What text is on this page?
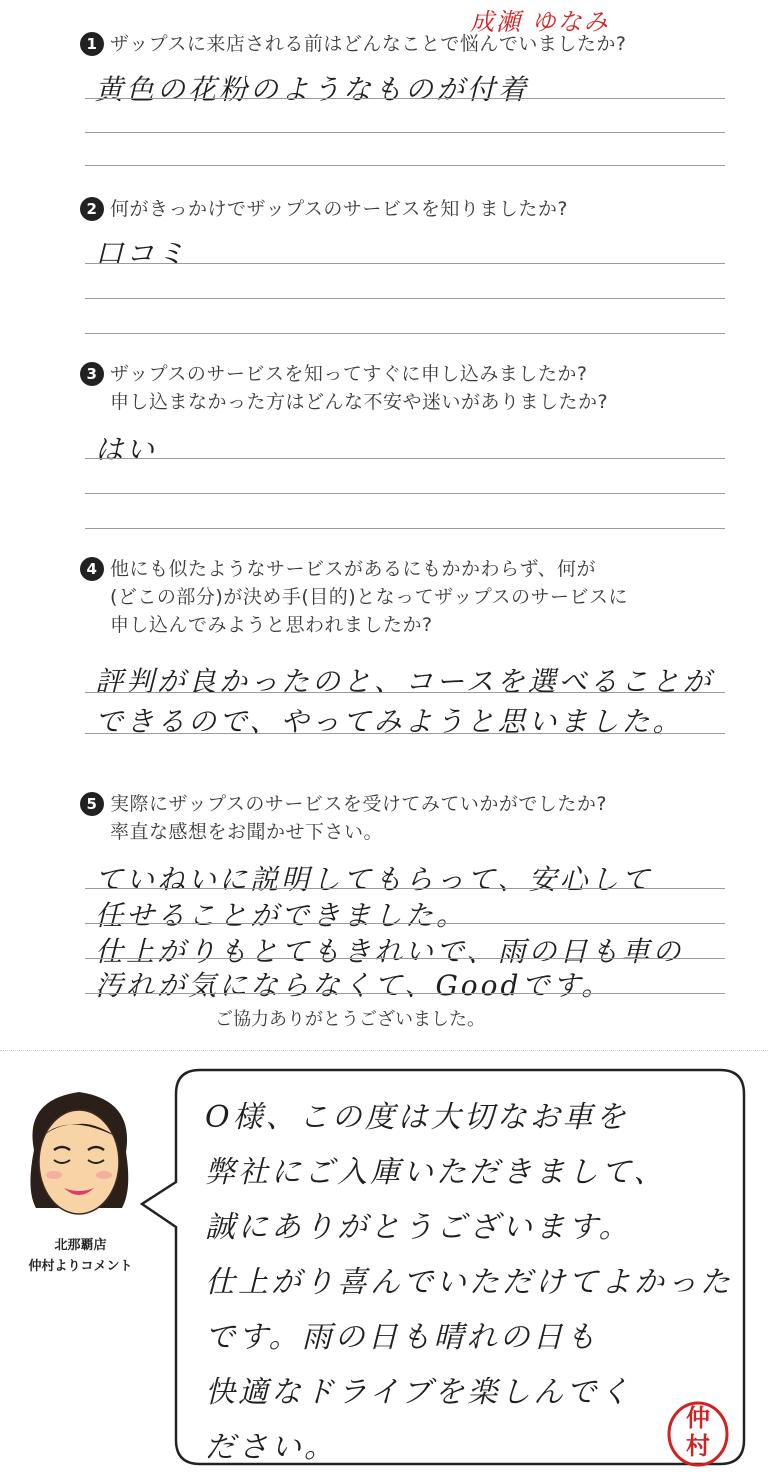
成瀬 ゆなみ
1 ザップスに来店される前はどんなことで悩んでいましたか?
黄色の花粉のようなものが付着
2 何がきっかけでザップスのサービスを知りましたか?
口コミ
3 ザップスのサービスを知ってすぐに申し込みましたか?
申し込まなかった方はどんな不安や迷いがありましたか?
はい
4 他にも似たようなサービスがあるにもかかわらず、何が
(どこの部分)が決め手(目的)となってザップスのサービスに
申し込んでみようと思われましたか?
評判が良かったのと、コースを選べることが
できるので、やってみようと思いました。
5 実際にザップスのサービスを受けてみていかがでしたか?
率直な感想をお聞かせ下さい。
ていねいに説明してもらって、安心して
任せることができました。
仕上がりもとてもきれいで、雨の日も車の
汚れが気にならなくて、Goodです。
ご協力ありがとうございました。
北那覇店
仲村よりコメント
O様、この度は大切なお車を
弊社にご入庫いただきまして、
誠にありがとうございます。
仕上がり喜んでいただけてよかった
です。雨の日も晴れの日も
快適なドライブを楽しんでく
ださい。
仲村
